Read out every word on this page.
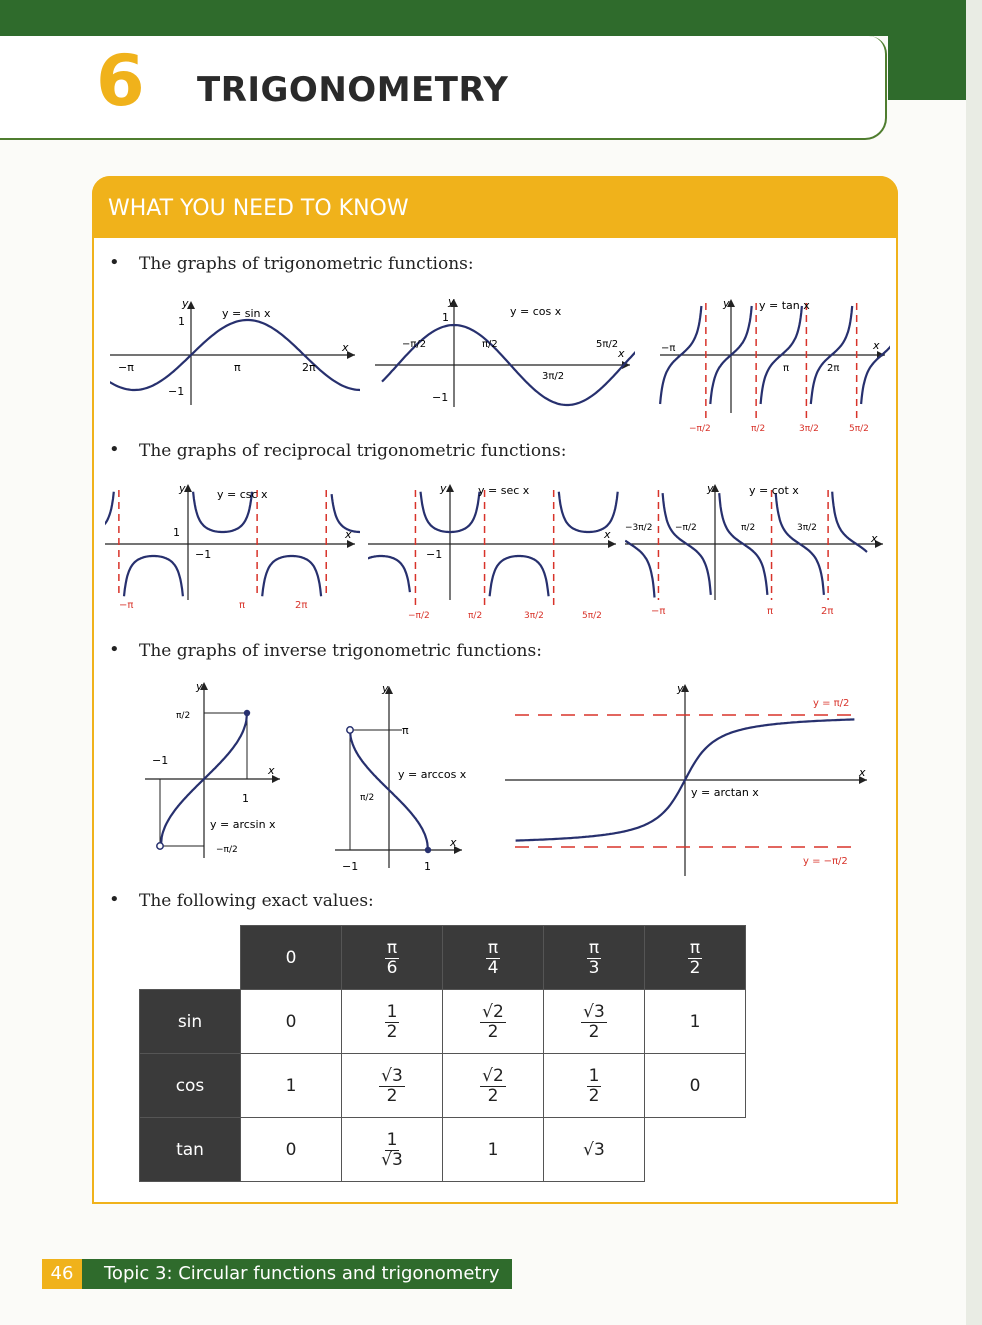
6 TRIGONOMETRY
WHAT YOU NEED TO KNOW
• The graphs of trigonometric functions:
• The graphs of reciprocal trigonometric functions:
• The graphs of inverse trigonometric functions:
• The following exact values:
x
y
y = sin x
−π	π	2π
1
−1
x
y
y = cos x
−π/2	π/2
3π/2
5π/2
1
−1
x
y	y = tan x
−π
π	2π
−π/2	π/2	3π/2	5π/2
x
y	y = csc x
−π	π	2π
1
−1
x
y	y = sec x
−π/2	π/2	3π/2	5π/2
−1
x
y	y = cot x
−3π/2	−π/2	π/2	3π/2
−π	π	2π
x
y
y = arcsin x
π/2
−π/2
−1
1
x
y
y = arccos x
π
π/2
−1	1
x
y
y = arctan x
y = π/2
y = −π/2
	0	$\frac{\pi}{6}$	$\frac{\pi}{4}$	$\frac{\pi}{3}$	$\frac{\pi}{2}$

sin	0	$\frac{1}{2}$	$\frac{√2}{2}$	$\frac{√3}{2}$	1
cos	1	$\frac{√3}{2}$	$\frac{√2}{2}$	$\frac{1}{2}$	0
tan	0	$\frac{1}{√3}$	1	√3	
46	Topic 3: Circular functions and trigonometry
